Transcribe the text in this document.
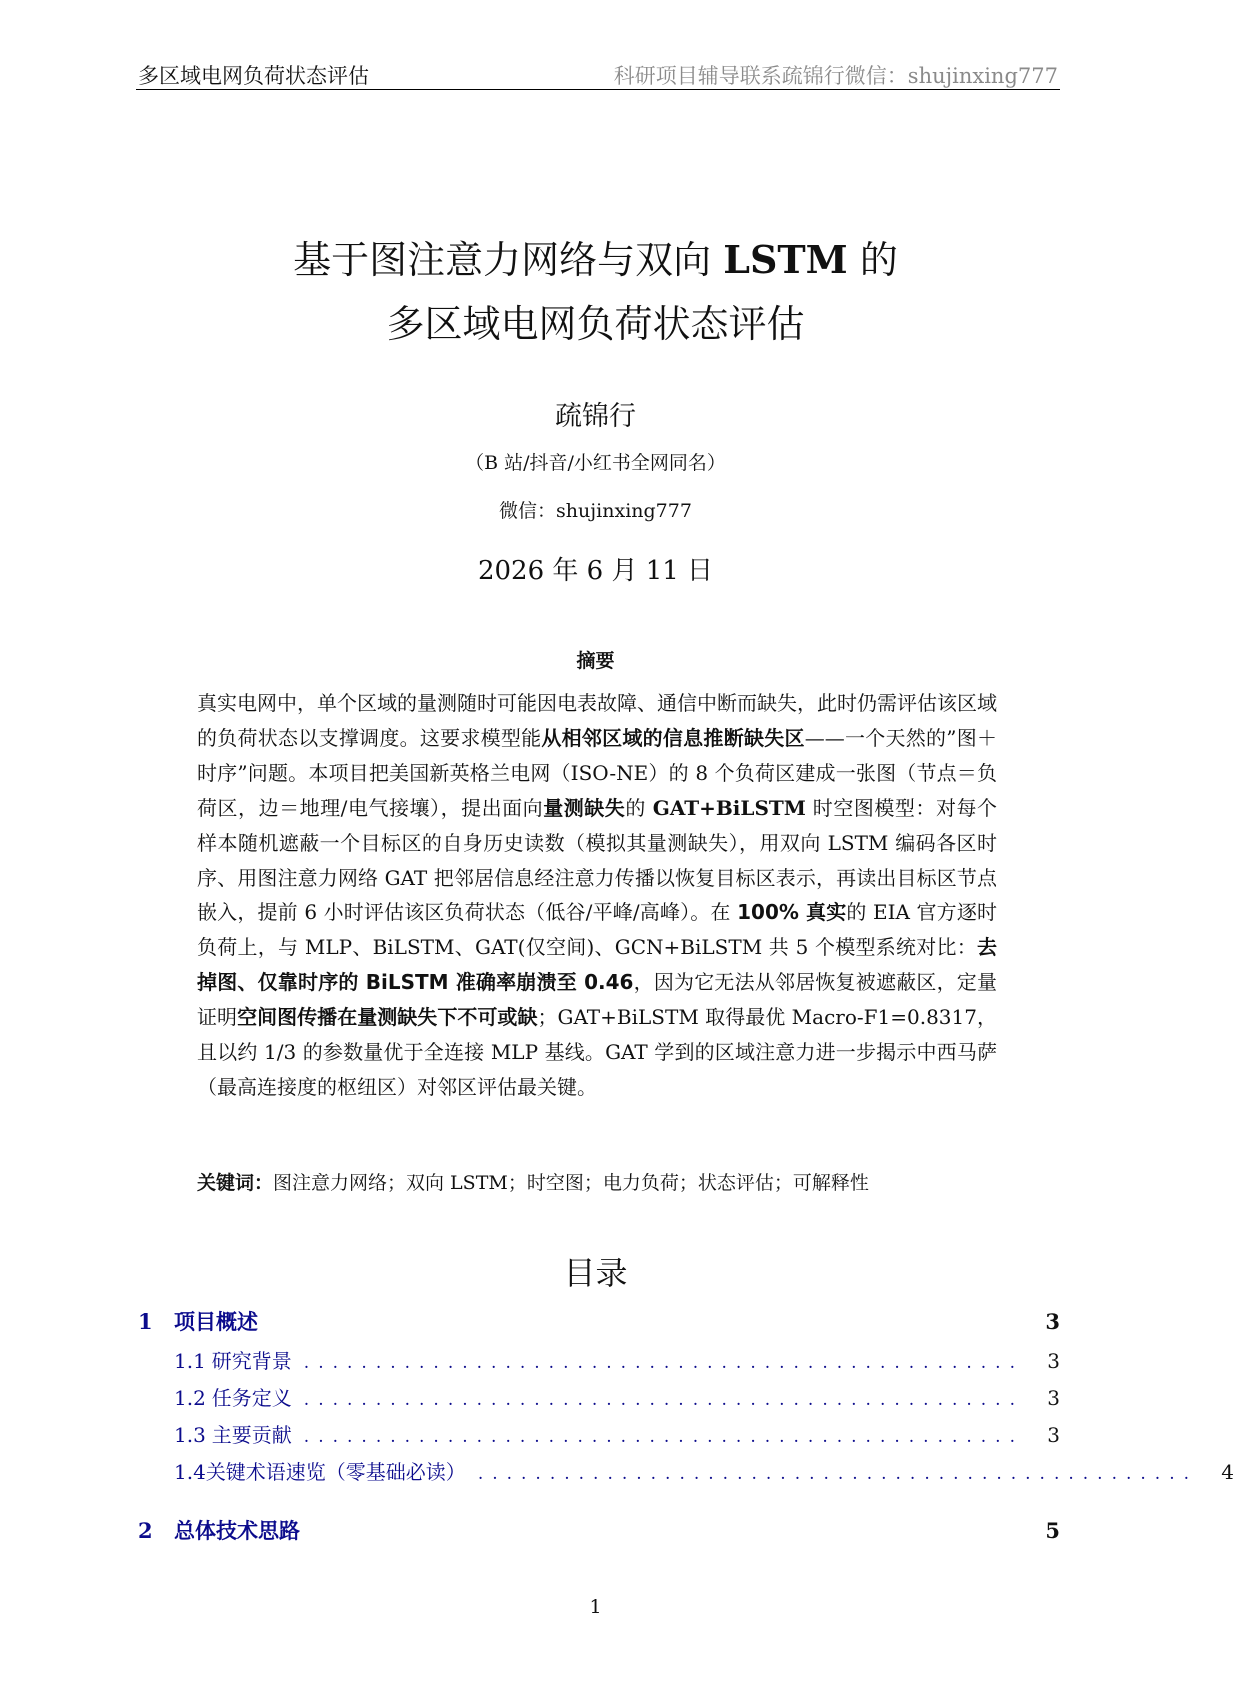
多区域电网负荷状态评估	科研项目辅导联系疏锦行微信：shujinxing777
基于图注意力网络与双向 LSTM 的
多区域电网负荷状态评估
疏锦行
（B 站/抖音/小红书全网同名）
微信：shujinxing777
2026 年 6 月 11 日
摘要
真实电网中，单个区域的量测随时可能因电表故障、通信中断而缺失，此时仍需评估该区域的负荷状态以支撑调度。这要求模型能从相邻区域的信息推断缺失区——一个天然的”图＋时序”问题。本项目把美国新英格兰电网（ISO-NE）的 8 个负荷区建成一张图（节点＝负荷区，边＝地理/电气接壤），提出面向量测缺失的 GAT+BiLSTM 时空图模型：对每个样本随机遮蔽一个目标区的自身历史读数（模拟其量测缺失），用双向 LSTM 编码各区时序、用图注意力网络 GAT 把邻居信息经注意力传播以恢复目标区表示，再读出目标区节点嵌入，提前 6 小时评估该区负荷状态（低谷/平峰/高峰）。在 100% 真实的 EIA 官方逐时负荷上，与 MLP、BiLSTM、GAT(仅空间)、GCN+BiLSTM 共 5 个模型系统对比：去掉图、仅靠时序的 BiLSTM 准确率崩溃至 0.46，因为它无法从邻居恢复被遮蔽区，定量证明空间图传播在量测缺失下不可或缺；GAT+BiLSTM 取得最优 Macro-F1=0.8317，且以约 1/3 的参数量优于全连接 MLP 基线。GAT 学到的区域注意力进一步揭示中西马萨（最高连接度的枢纽区）对邻区评估最关键。
关键词：图注意力网络；双向 LSTM；时空图；电力负荷；状态评估；可解释性
目录
1	项目概述	3
1.1 研究背景 .................................................. 3
1.2 任务定义 .................................................. 3
1.3 主要贡献 .................................................. 3
1.4 关键术语速览（零基础必读） .................................................. 4
2	总体技术思路	5
1
